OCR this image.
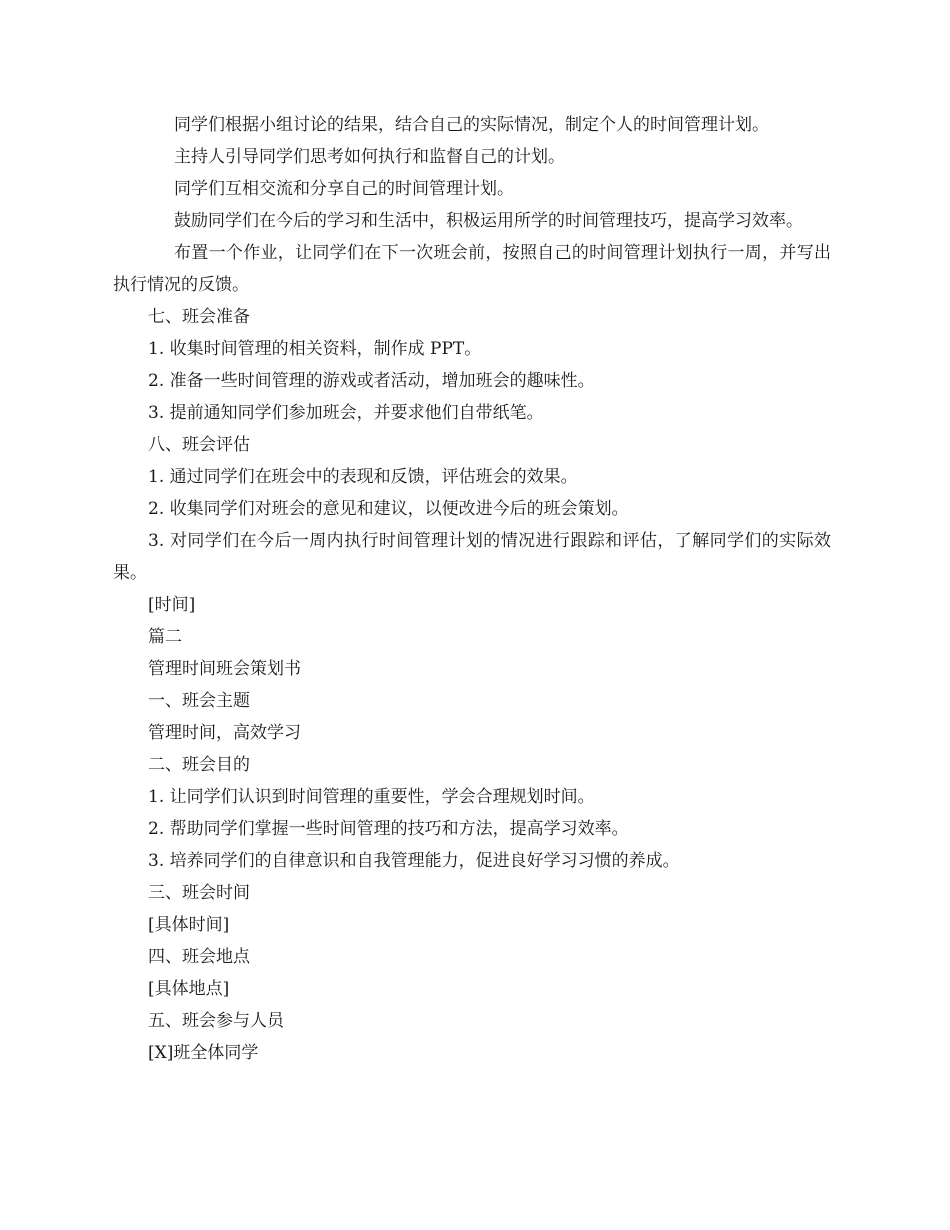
同学们根据小组讨论的结果，结合自己的实际情况，制定个人的时间管理计划。

主持人引导同学们思考如何执行和监督自己的计划。

同学们互相交流和分享自己的时间管理计划。

鼓励同学们在今后的学习和生活中，积极运用所学的时间管理技巧，提高学习效率。

布置一个作业，让同学们在下一次班会前，按照自己的时间管理计划执行一周，并写出执行情况的反馈。

七、班会准备

1. 收集时间管理的相关资料，制作成 PPT。

2. 准备一些时间管理的游戏或者活动，增加班会的趣味性。

3. 提前通知同学们参加班会，并要求他们自带纸笔。

八、班会评估

1. 通过同学们在班会中的表现和反馈，评估班会的效果。

2. 收集同学们对班会的意见和建议，以便改进今后的班会策划。

3. 对同学们在今后一周内执行时间管理计划的情况进行跟踪和评估，了解同学们的实际效果。

[时间]

篇二

管理时间班会策划书

一、班会主题

管理时间，高效学习

二、班会目的

1. 让同学们认识到时间管理的重要性，学会合理规划时间。

2. 帮助同学们掌握一些时间管理的技巧和方法，提高学习效率。

3. 培养同学们的自律意识和自我管理能力，促进良好学习习惯的养成。

三、班会时间

[具体时间]

四、班会地点

[具体地点]

五、班会参与人员

[X]班全体同学
